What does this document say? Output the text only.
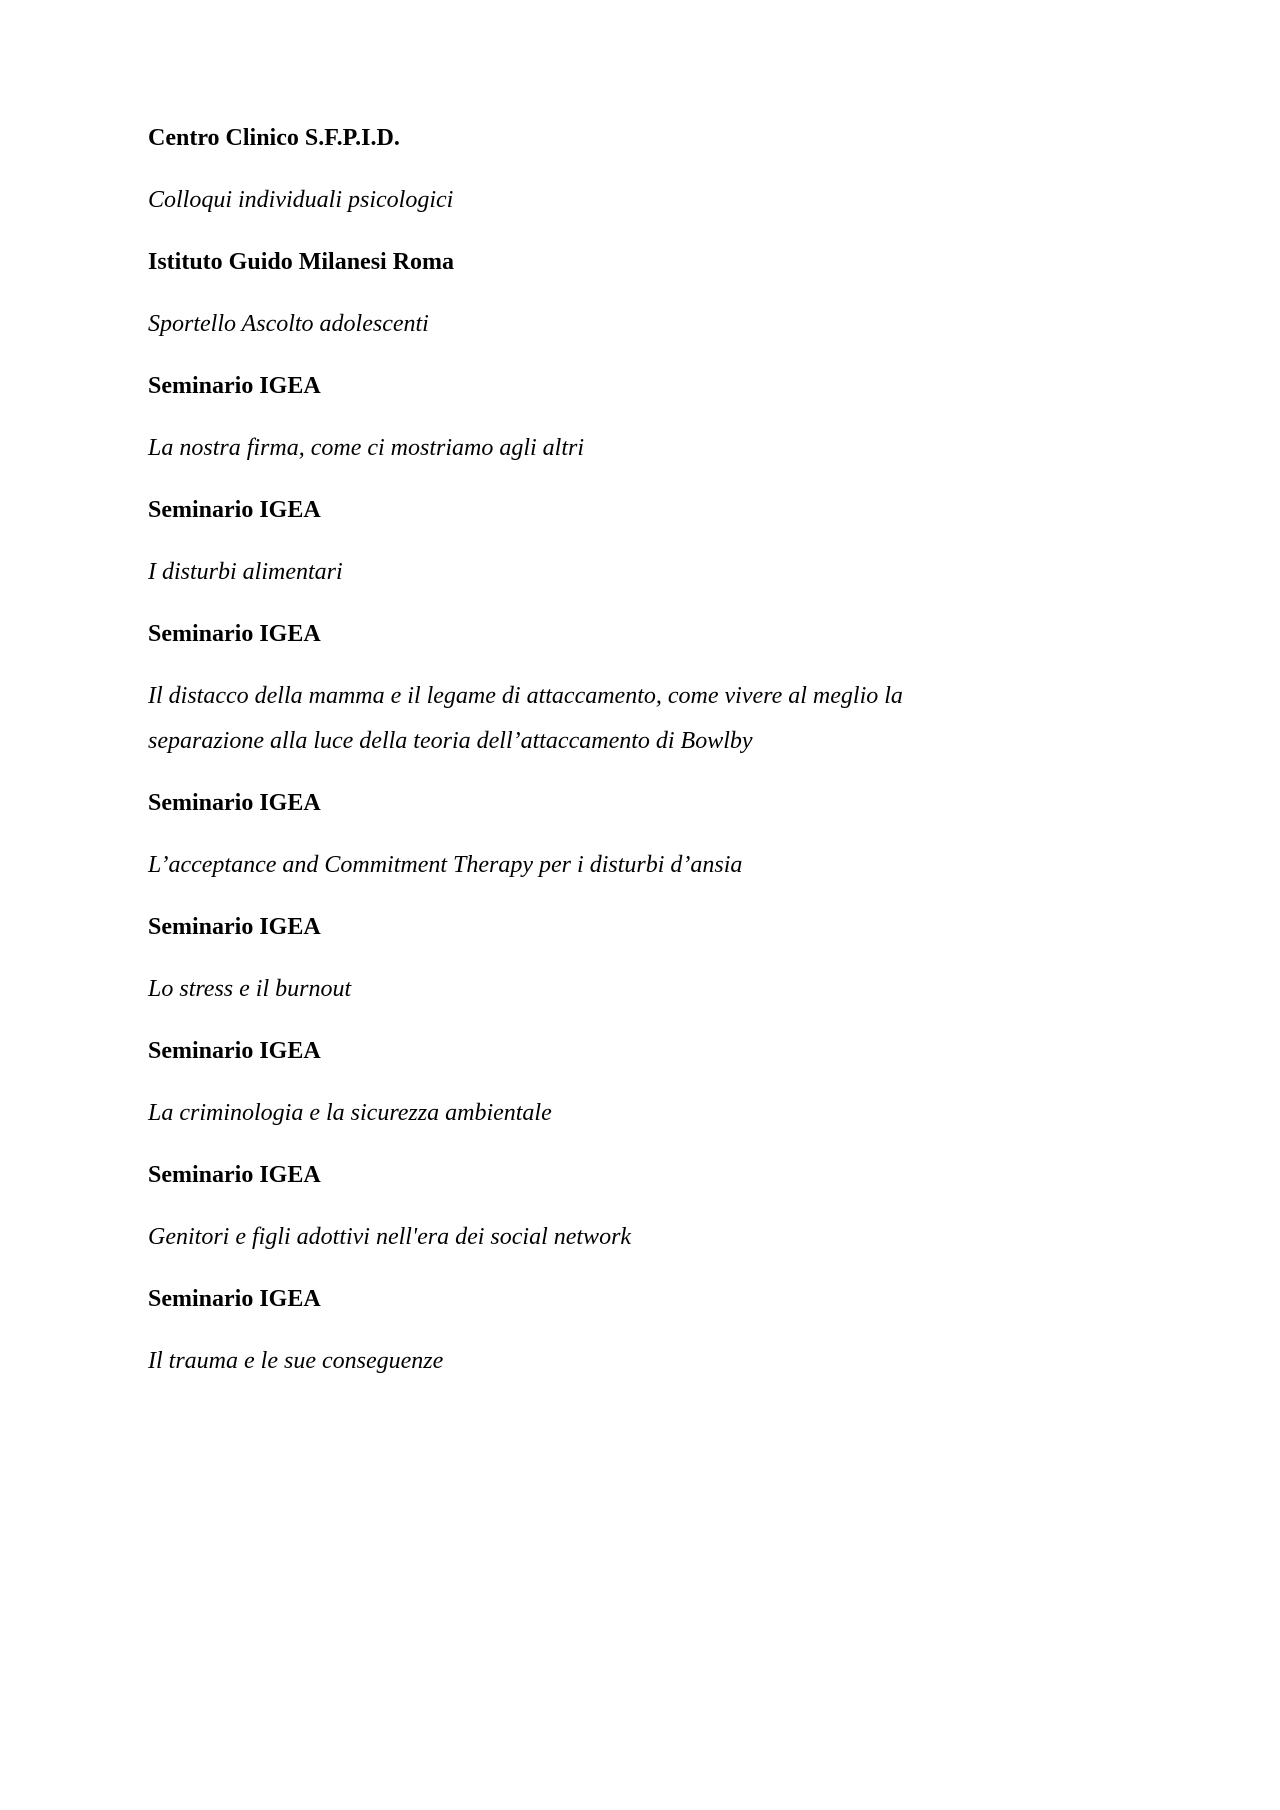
Centro Clinico S.F.P.I.D.

Colloqui individuali psicologici

Istituto Guido Milanesi Roma

Sportello Ascolto adolescenti

Seminario IGEA

La nostra firma, come ci mostriamo agli altri

Seminario IGEA

I disturbi alimentari

Seminario IGEA

Il distacco della mamma e il legame di attaccamento, come vivere al meglio la separazione alla luce della teoria dell’attaccamento di Bowlby

Seminario IGEA

L’acceptance and Commitment Therapy per i disturbi d’ansia

Seminario IGEA

Lo stress e il burnout

Seminario IGEA

La criminologia e la sicurezza ambientale

Seminario IGEA

Genitori e figli adottivi nell'era dei social network

Seminario IGEA

Il trauma e le sue conseguenze
